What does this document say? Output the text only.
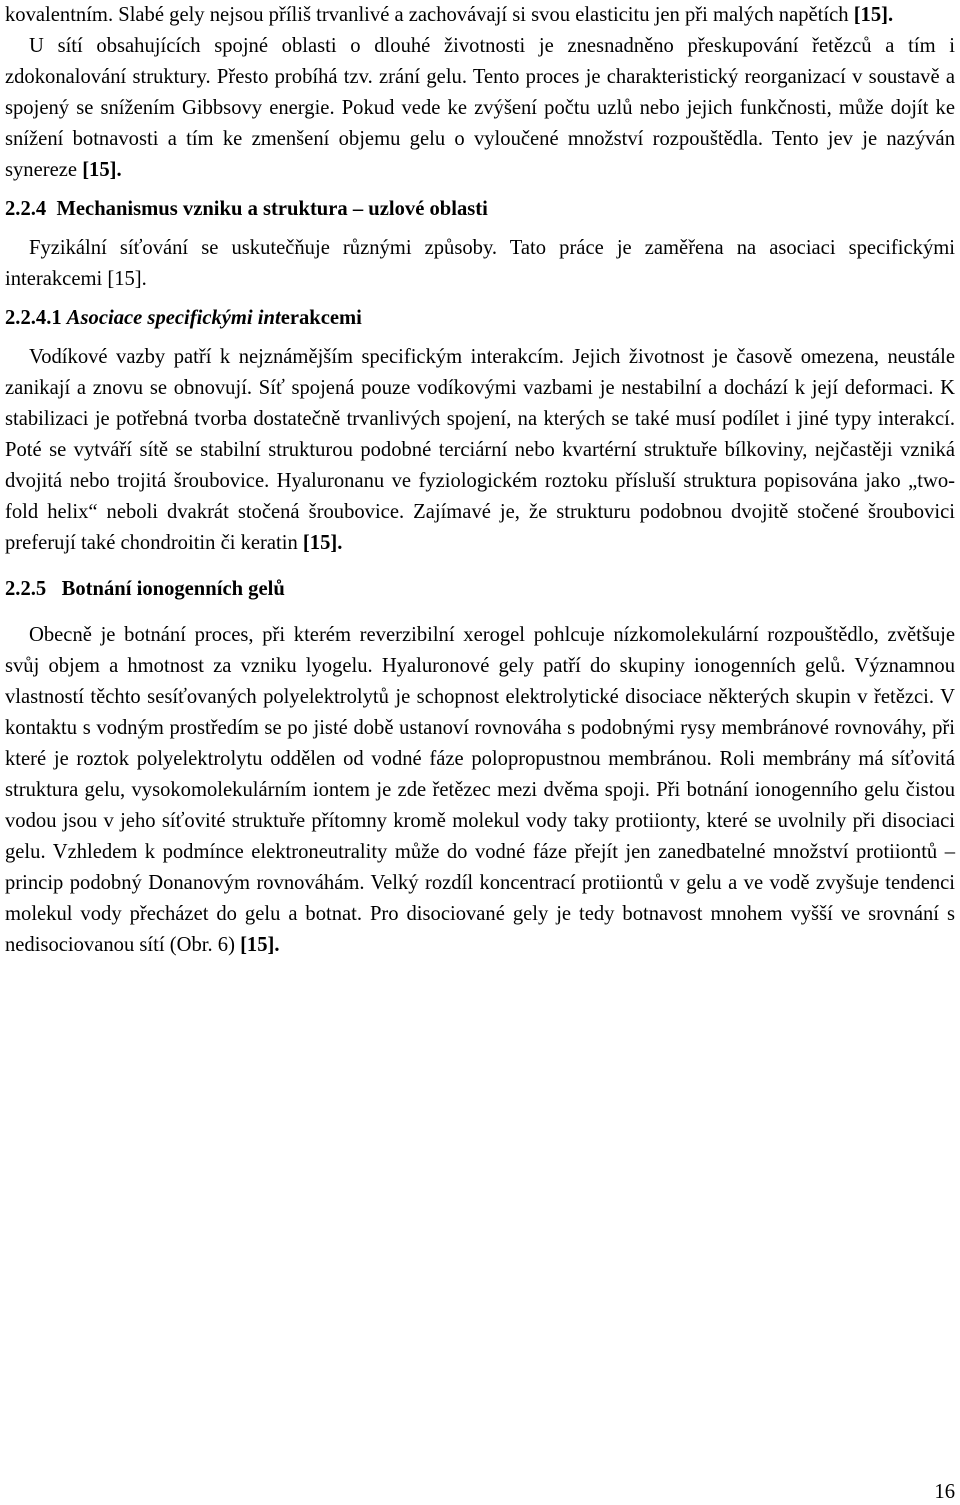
kovalentním. Slabé gely nejsou příliš trvanlivé a zachovávají si svou elasticitu jen při malých napětích [15].

U sítí obsahujících spojné oblasti o dlouhé životnosti je znesnadněno přeskupování řetězců a tím i zdokonalování struktury. Přesto probíhá tzv. zrání gelu. Tento proces je charakteristický reorganizací v soustavě a spojený se snížením Gibbsovy energie. Pokud vede ke zvýšení počtu uzlů nebo jejich funkčnosti, může dojít ke snížení botnavosti a tím ke zmenšení objemu gelu o vyloučené množství rozpouštědla. Tento jev je nazýván synereze [15].

2.2.4 Mechanismus vzniku a struktura – uzlové oblasti

Fyzikální síťování se uskutečňuje různými způsoby. Tato práce je zaměřena na asociaci specifickými interakcemi [15].

2.2.4.1 Asociace specifickými interakcemi

Vodíkové vazby patří k nejznámějším specifickým interakcím. Jejich životnost je časově omezena, neustále zanikají a znovu se obnovují. Síť spojená pouze vodíkovými vazbami je nestabilní a dochází k její deformaci. K stabilizaci je potřebná tvorba dostatečně trvanlivých spojení, na kterých se také musí podílet i jiné typy interakcí. Poté se vytváří sítě se stabilní strukturou podobné terciární nebo kvartérní struktuře bílkoviny, nejčastěji vzniká dvojitá nebo trojitá šroubovice. Hyaluronanu ve fyziologickém roztoku přísluší struktura popisována jako „two-fold helix“ neboli dvakrát stočená šroubovice. Zajímavé je, že strukturu podobnou dvojitě stočené šroubovici preferují také chondroitin či keratin [15].

2.2.5 Botnání ionogenních gelů

Obecně je botnání proces, při kterém reverzibilní xerogel pohlcuje nízkomolekulární rozpouštědlo, zvětšuje svůj objem a hmotnost za vzniku lyogelu. Hyaluronové gely patří do skupiny ionogenních gelů. Významnou vlastností těchto sesíťovaných polyelektrolytů je schopnost elektrolytické disociace některých skupin v řetězci. V kontaktu s vodným prostředím se po jisté době ustanoví rovnováha s podobnými rysy membránové rovnováhy, při které je roztok polyelektrolytu oddělen od vodné fáze polopropustnou membránou. Roli membrány má síťovitá struktura gelu, vysokomolekulárním iontem je zde řetězec mezi dvěma spoji. Při botnání ionogenního gelu čistou vodou jsou v jeho síťovité struktuře přítomny kromě molekul vody taky protiionty, které se uvolnily při disociaci gelu. Vzhledem k podmínce elektroneutrality může do vodné fáze přejít jen zanedbatelné množství protiiontů – princip podobný Donanovým rovnováhám. Velký rozdíl koncentrací protiiontů v gelu a ve vodě zvyšuje tendenci molekul vody přecházet do gelu a botnat. Pro disociované gely je tedy botnavost mnohem vyšší ve srovnání s nedisociovanou sítí (Obr. 6) [15].

16
